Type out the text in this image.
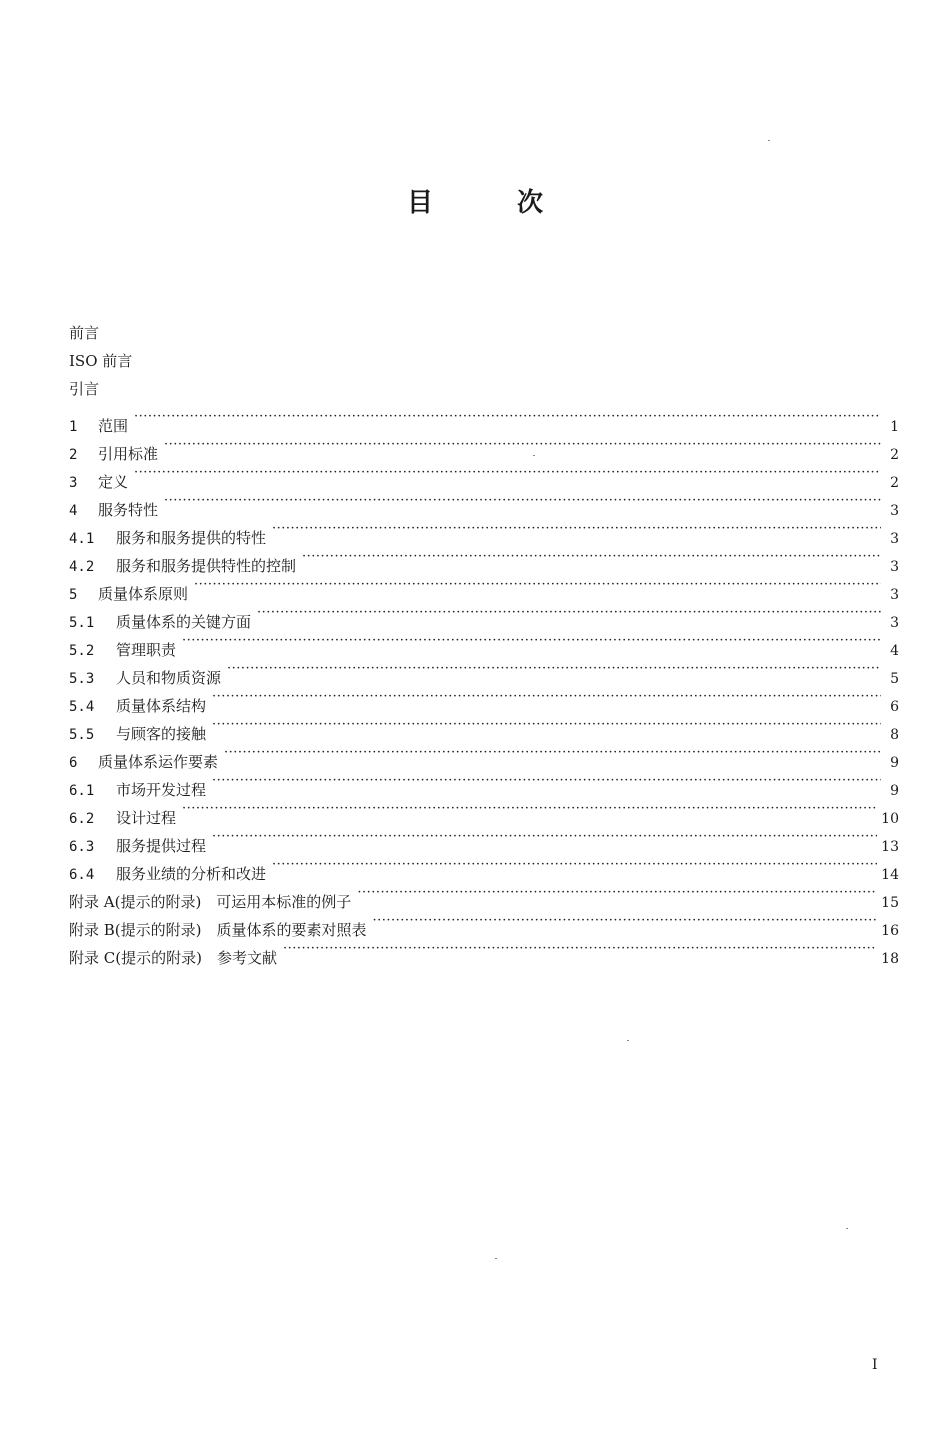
目	次
前言
ISO 前言
引言
1	范围 ·····	1
2	引用标准 ·····	2
3	定义 ·····	2
4	服务特性 ·····	3
4.1	服务和服务提供的特性 ·····	3
4.2	服务和服务提供特性的控制 ·····	3
5	质量体系原则 ·····	3
5.1	质量体系的关键方面 ·····	3
5.2	管理职责 ·····	4
5.3	人员和物质资源 ·····	5
5.4	质量体系结构 ·····	6
5.5	与顾客的接触 ·····	8
6	质量体系运作要素 ·····	9
6.1	市场开发过程 ·····	9
6.2	设计过程 ·····	10
6.3	服务提供过程 ·····	13
6.4	服务业绩的分析和改进 ·····	14
附录 A(提示的附录)　可运用本标准的例子 ·····	15
附录 B(提示的附录)　质量体系的要素对照表 ·····	16
附录 C(提示的附录)　参考文献 ·····	18
I
